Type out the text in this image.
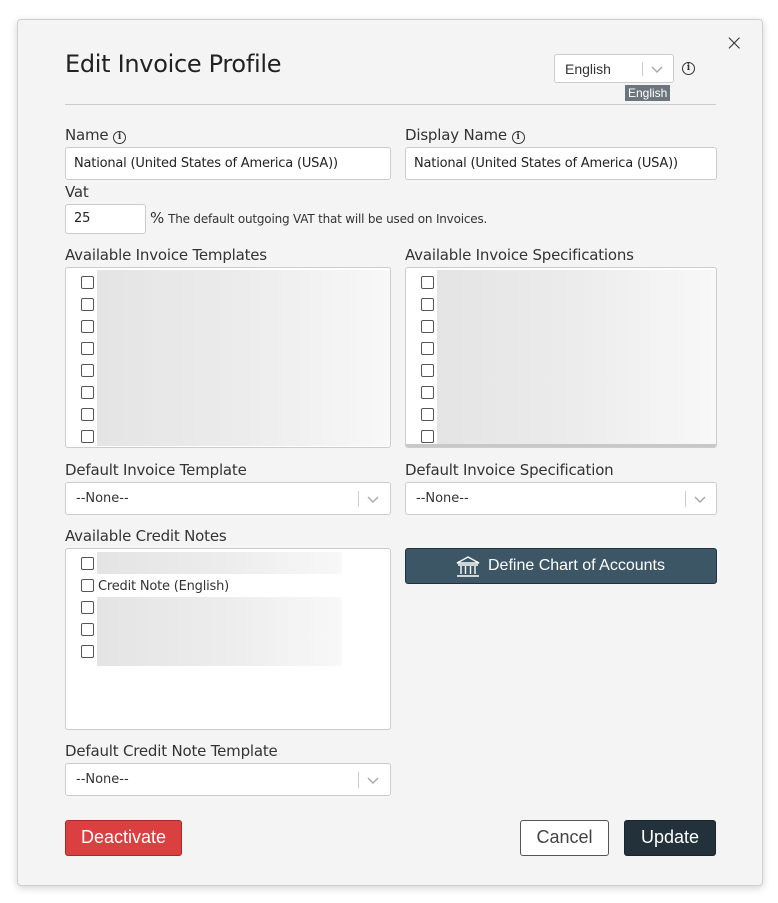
×
Edit Invoice Profile	English	i
English
Name i
National (United States of America (USA))
Display Name i
National (United States of America (USA))
Vat
25	% The default outgoing VAT that will be used on Invoices.
Available Invoice Templates	Available Invoice Specifications
Default Invoice Template
--None--
Default Invoice Specification
--None--
Available Credit Notes
Credit Note (English)
Define Chart of Accounts
Default Credit Note Template
--None--
Deactivate	Cancel	Update
